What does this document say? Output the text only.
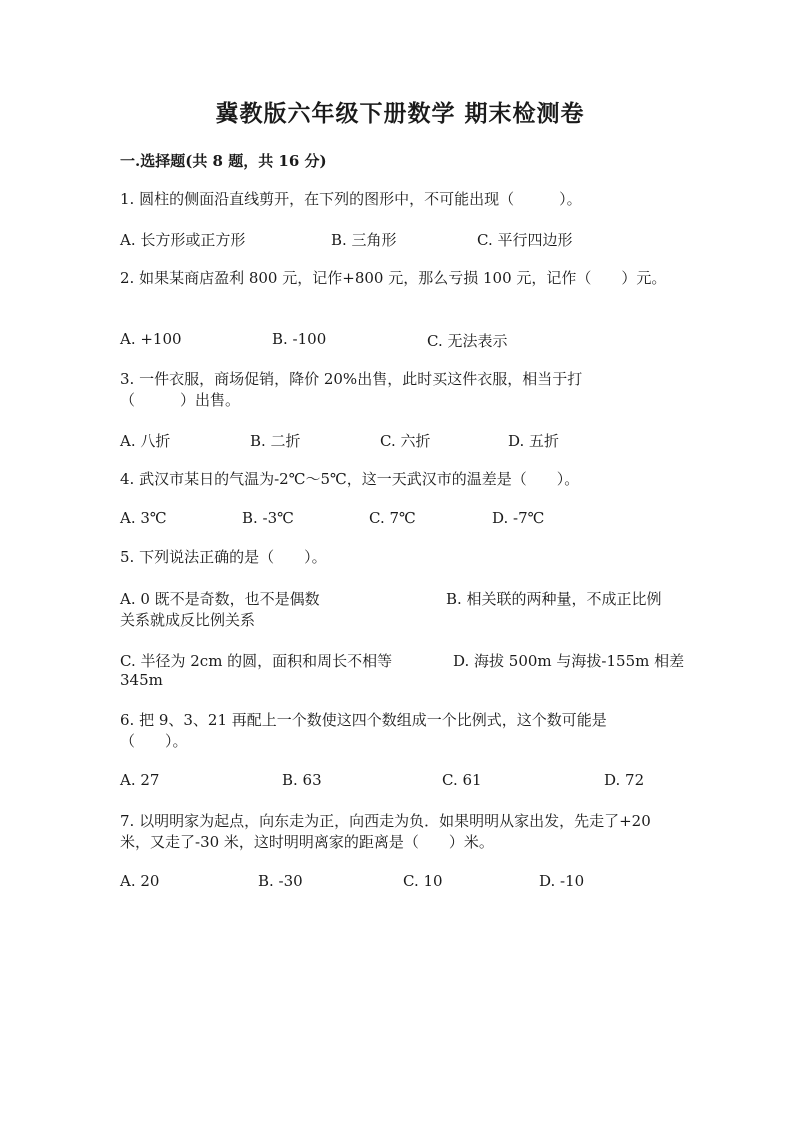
冀教版六年级下册数学 期末检测卷
一.选择题(共 8 题，共 16 分)
1. 圆柱的侧面沿直线剪开，在下列的图形中，不可能出现（　　　）。
A. 长方形或正方形	B. 三角形	C. 平行四边形
2. 如果某商店盈利 800 元，记作+800 元，那么亏损 100 元，记作（　　）元。
A. +100	B. -100	C. 无法表示
3. 一件衣服，商场促销，降价 20%出售，此时买这件衣服，相当于打
（　　　）出售。
A. 八折	B. 二折	C. 六折	D. 五折
4. 武汉市某日的气温为-2℃～5℃，这一天武汉市的温差是（　　）。
A. 3℃	B. -3℃	C. 7℃	D. -7℃
5. 下列说法正确的是（　　）。
A. 0 既不是奇数，也不是偶数	B. 相关联的两种量，不成正比例
关系就成反比例关系
C. 半径为 2cm 的圆，面积和周长不相等	D. 海拔 500m 与海拔-155m 相差
345m
6. 把 9、3、21 再配上一个数使这四个数组成一个比例式，这个数可能是
（　　）。
A. 27	B. 63	C. 61	D. 72
7. 以明明家为起点，向东走为正，向西走为负．如果明明从家出发，先走了+20
米，又走了-30 米，这时明明离家的距离是（　　）米。
A. 20	B. -30	C. 10	D. -10
